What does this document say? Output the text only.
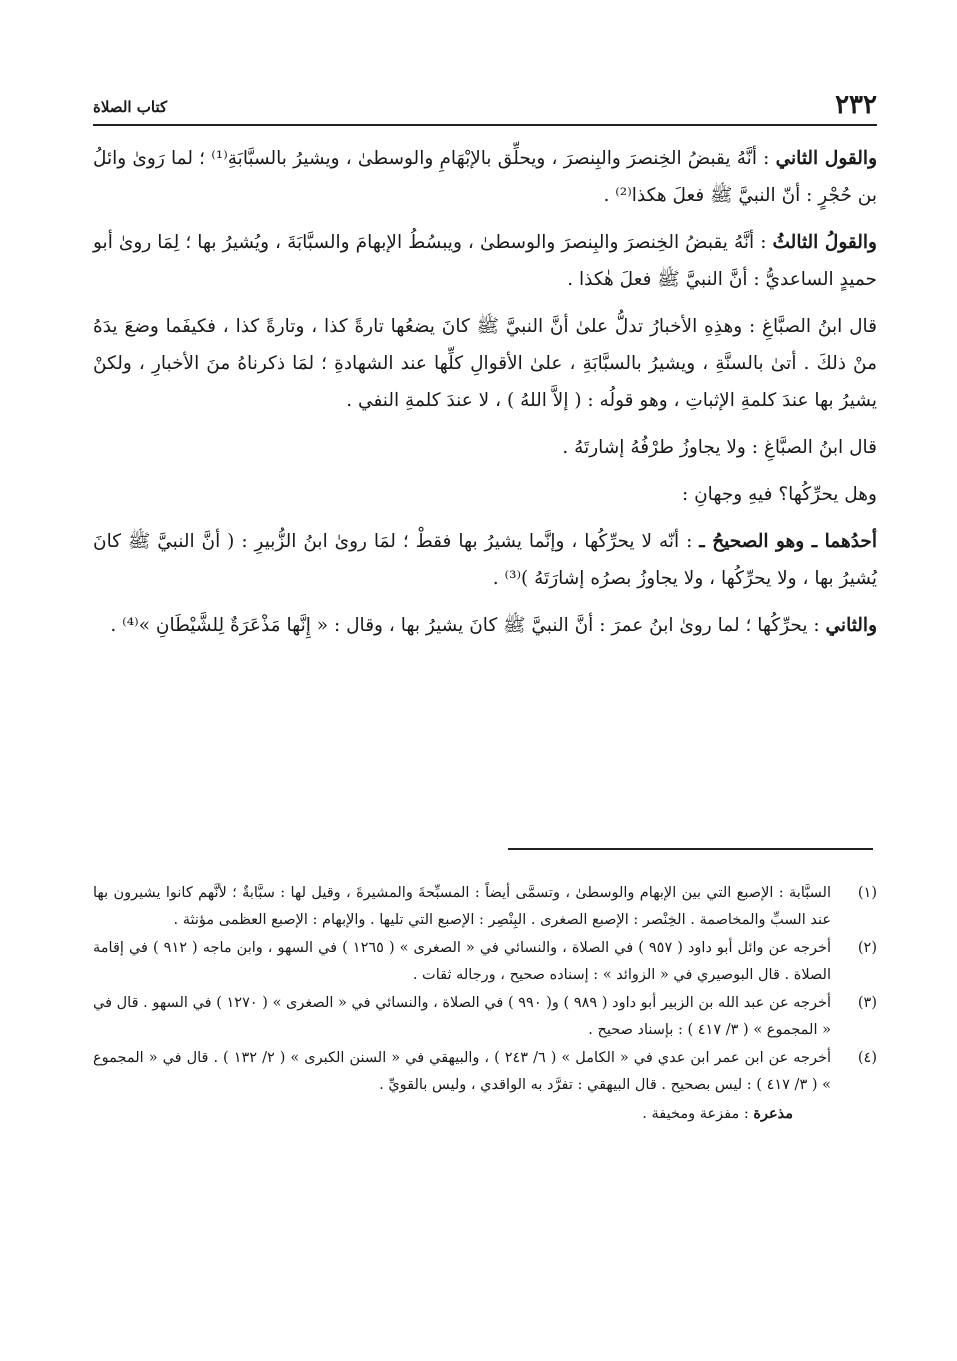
٢٣٢
كتاب الصلاة

والقول الثاني : أنَّهُ يقبضُ الخِنصرَ والبِنصرَ ، ويحلِّق بالإبْهَامِ والوسطىٰ ، ويشيرُ بالسبَّابَةِ⁽¹⁾ ؛ لما رَوىٰ وائلُ بن حُجْرٍ : أنّ النبيَّ ﷺ فعلَ هكذا⁽²⁾ .

والقولُ الثالثُ : أنَّهُ يقبضُ الخِنصرَ والبِنصرَ والوسطىٰ ، ويبسُطُ الإبهامَ والسبَّابَةَ ، ويُشيرُ بها ؛ لِمَا روىٰ أبو حميدٍ الساعديُّ : أنَّ النبيَّ ﷺ فعلَ هٰكذا .

قال ابنُ الصبَّاغِ : وهذِهِ الأخبارُ تدلُّ علىٰ أنَّ النبيَّ ﷺ كانَ يضعُها تارةً كذا ، وتارةً كذا ، فكيفَما وضعَ يدَهُ منْ ذلكَ . أتىٰ بالسنَّةِ ، ويشيرُ بالسبَّابَةِ ، علىٰ الأقوالِ كلِّها عند الشهادةِ ؛ لمَا ذكرناهُ منَ الأخبارِ ، ولكنْ يشيرُ بها عندَ كلمةِ الإثباتِ ، وهو قولُه : ( إلاَّ اللهُ ) ، لا عندَ كلمةِ النفي .

قال ابنُ الصبَّاغِ : ولا يجاوزُ طرْفُهُ إشارتَهُ .

وهل يحرِّكُها؟ فيهِ وجهانِ :

أحدُهما ـ وهو الصحيحُ ـ : أنّه لا يحرِّكُها ، وإنَّما يشيرُ بها فقطْ ؛ لمَا روىٰ ابنُ الزُّبيرِ : ( أنَّ النبيَّ ﷺ كانَ يُشيرُ بها ، ولا يحرِّكُها ، ولا يجاوزُ بصرُه إشارَتَهُ )⁽³⁾ .

والثاني : يحرِّكُها ؛ لما روىٰ ابنُ عمرَ : أنَّ النبيَّ ﷺ كانَ يشيرُ بها ، وقال : « إِنَّها مَذْعَرَةٌ لِلشَّيْطَانِ »⁽⁴⁾ .

(١)
السبَّابة : الإصبع التي بين الإبهام والوسطىٰ ، وتسمَّى أيضاً : المسبِّحةَ والمشيرةَ ، وقيل لها : سبَّابةٌ ؛ لأنَّهم كانوا يشيرون بها عند السبِّ والمخاصمة . الخِنْصر : الإصبع الصغرى . البِنْصِر : الإصبع التي تليها . والإبهام : الإصبع العظمى مؤنثة .
(٢)
أخرجه عن وائل أبو داود ( ٩٥٧ ) في الصلاة ، والنسائي في « الصغرى » ( ١٢٦٥ ) في السهو ، وابن ماجه ( ٩١٢ ) في إقامة الصلاة . قال البوصيري في « الزوائد » : إسناده صحيح ، ورجاله ثقات .
(٣)
أخرجه عن عبد الله بن الزبير أبو داود ( ٩٨٩ ) و( ٩٩٠ ) في الصلاة ، والنسائي في « الصغرى » ( ١٢٧٠ ) في السهو . قال في « المجموع » ( ٣/ ٤١٧ ) : بإسناد صحيح .
(٤)
أخرجه عن ابن عمر ابن عدي في « الكامل » ( ٦/ ٢٤٣ ) ، والبيهقي في « السنن الكبرى » ( ٢/ ١٣٢ ) . قال في « المجموع » ( ٣/ ٤١٧ ) : ليس بصحيح . قال البيهقي : تفرَّد به الواقدي ، وليس بالقويِّ .
مذعرة : مفزعة ومخيفة .
